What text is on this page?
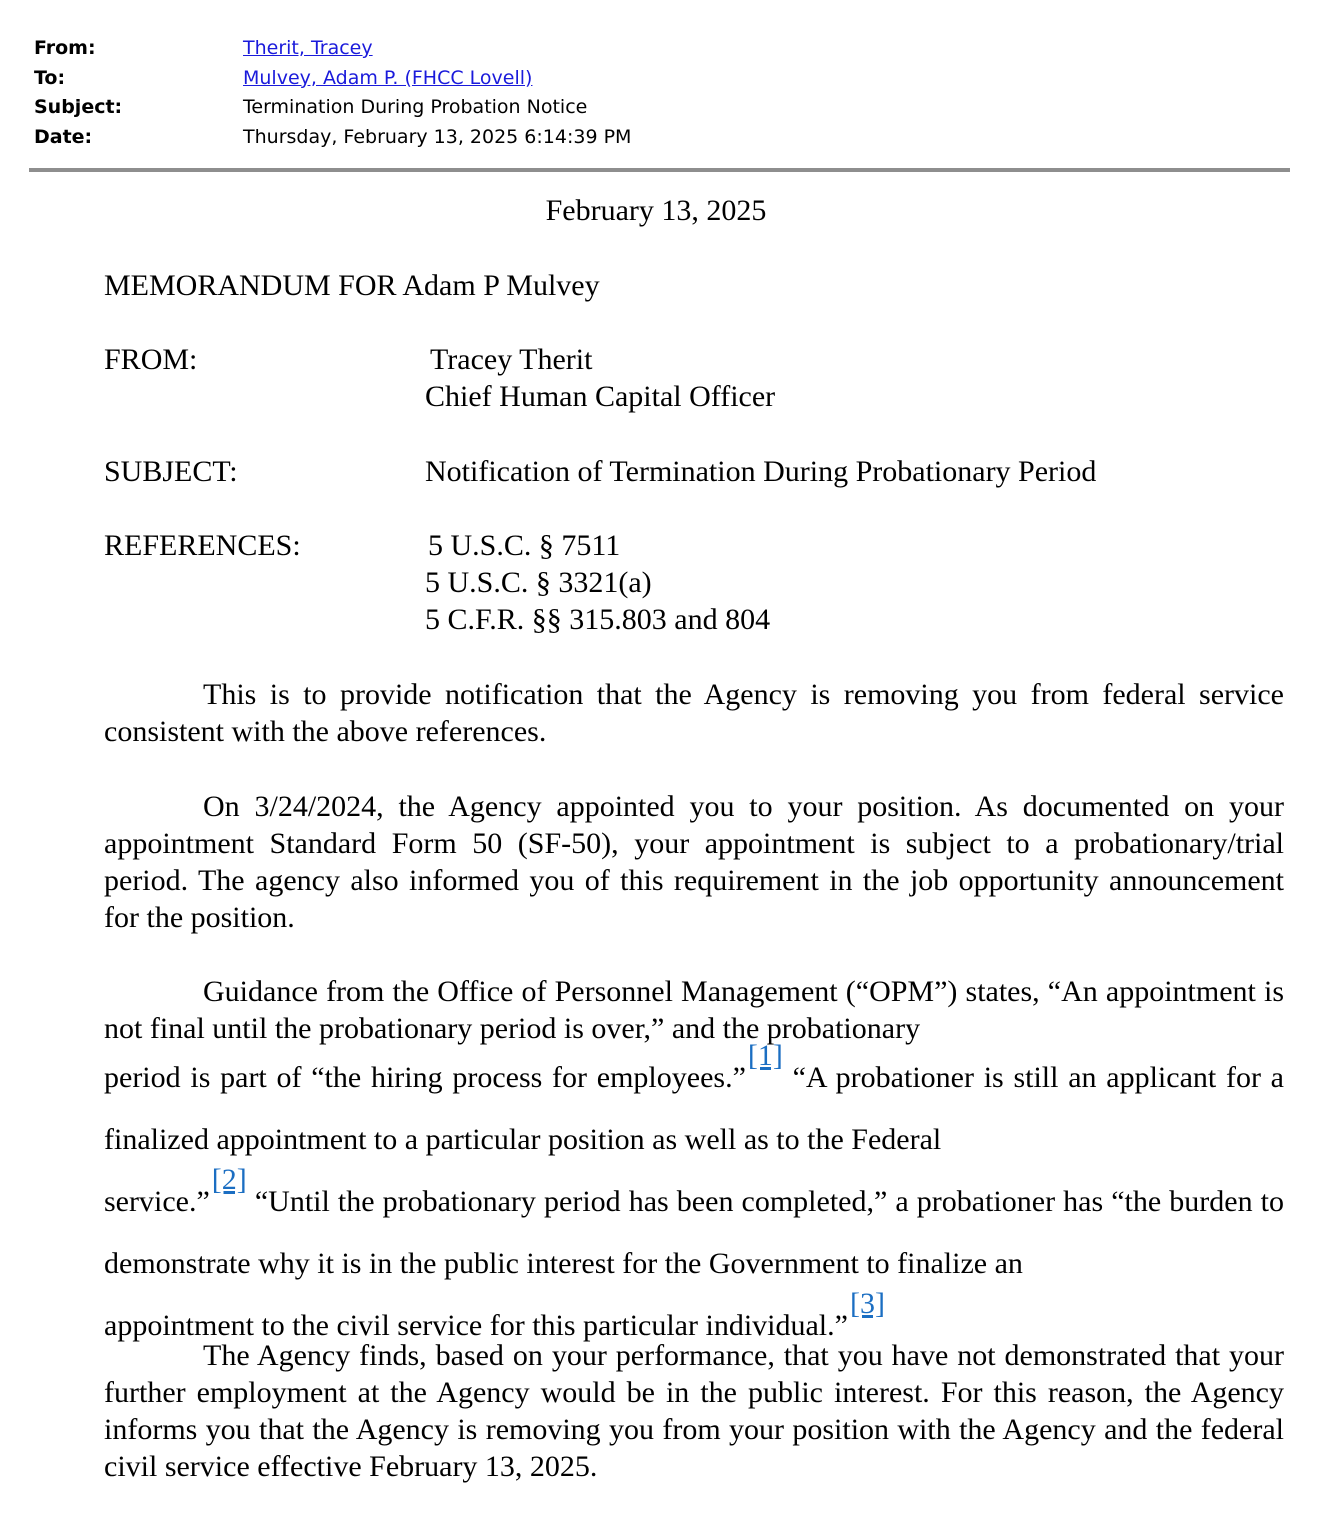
From:	Therit, Tracey
To:	Mulvey, Adam P. (FHCC Lovell)
Subject:	Termination During Probation Notice
Date:	Thursday, February 13, 2025 6:14:39 PM
February 13, 2025
MEMORANDUM FOR Adam P Mulvey
FROM:	Tracey Therit
Chief Human Capital Officer
SUBJECT:	Notification of Termination During Probationary Period
REFERENCES:	5 U.S.C. § 7511
5 U.S.C. § 3321(a)
5 C.F.R. §§ 315.803 and 804

This is to provide notification that the Agency is removing you from federal service consistent with the above references.

On 3/24/2024, the Agency appointed you to your position. As documented on your appointment Standard Form 50 (SF-50), your appointment is subject to a probationary/trial period. The agency also informed you of this requirement in the job opportunity announcement for the position.

Guidance from the Office of Personnel Management (“OPM”) states, “An appointment is not final until the probationary period is over,” and the probationary
period is part of “the hiring process for employees.”[1] “A probationer is still an applicant for a finalized appointment to a particular position as well as to the Federal
service.”[2] “Until the probationary period has been completed,” a probationer has “the burden to demonstrate why it is in the public interest for the Government to finalize an
appointment to the civil service for this particular individual.”[3]

The Agency finds, based on your performance, that you have not demonstrated that your further employment at the Agency would be in the public interest. For this reason, the Agency informs you that the Agency is removing you from your position with the Agency and the federal civil service effective February 13, 2025.
